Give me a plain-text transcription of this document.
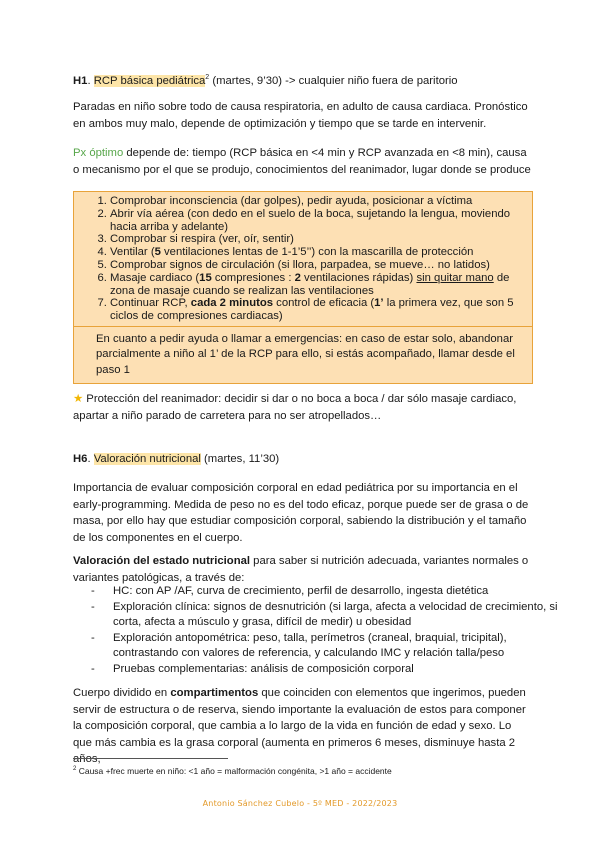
H1. RCP básica pediátrica$^2$ (martes, 9’30) -> cualquier niño fuera de paritorio

Paradas en niño sobre todo de causa respiratoria, en adulto de causa cardiaca. Pronóstico en ambos muy malo, depende de optimización y tiempo que se tarde en intervenir.

Px óptimo depende de: tiempo (RCP básica en <4 min y RCP avanzada en <8 min), causa o mecanismo por el que se produjo, conocimientos del reanimador, lugar donde se produce

1. Comprobar inconsciencia (dar golpes), pedir ayuda, posicionar a víctima
2. Abrir vía aérea (con dedo en el suelo de la boca, sujetando la lengua, moviendo hacia arriba y adelante)
3. Comprobar si respira (ver, oír, sentir)
4. Ventilar (5 ventilaciones lentas de 1-1’5’’) con la mascarilla de protección
5. Comprobar signos de circulación (si llora, parpadea, se mueve… no latidos)
6. Masaje cardiaco (15 compresiones : 2 ventilaciones rápidas) sin quitar mano de zona de masaje cuando se realizan las ventilaciones
7. Continuar RCP, cada 2 minutos control de eficacia (1’ la primera vez, que son 5 ciclos de compresiones cardiacas)
En cuanto a pedir ayuda o llamar a emergencias: en caso de estar solo, abandonar parcialmente a niño al 1’ de la RCP para ello, si estás acompañado, llamar desde el paso 1

★ Protección del reanimador: decidir si dar o no boca a boca / dar sólo masaje cardiaco, apartar a niño parado de carretera para no ser atropellados…

H6. Valoración nutricional (martes, 11’30)

Importancia de evaluar composición corporal en edad pediátrica por su importancia en el early-programming. Medida de peso no es del todo eficaz, porque puede ser de grasa o de masa, por ello hay que estudiar composición corporal, sabiendo la distribución y el tamaño de los componentes en el cuerpo.

Valoración del estado nutricional para saber si nutrición adecuada, variantes normales o variantes patológicas, a través de:

- HC: con AP /AF, curva de crecimiento, perfil de desarrollo, ingesta dietética
- Exploración clínica: signos de desnutrición (si larga, afecta a velocidad de crecimiento, si corta, afecta a músculo y grasa, difícil de medir) u obesidad
- Exploración antopométrica: peso, talla, perímetros (craneal, braquial, tricipital), contrastando con valores de referencia, y calculando IMC y relación talla/peso
- Pruebas complementarias: análisis de composición corporal

Cuerpo dividido en compartimentos que coinciden con elementos que ingerimos, pueden servir de estructura o de reserva, siendo importante la evaluación de estos para componer la composición corporal, que cambia a lo largo de la vida en función de edad y sexo. Lo que más cambia es la grasa corporal (aumenta en primeros 6 meses, disminuye hasta 2 años,

$^2$ Causa +frec muerte en niño: <1 año = malformación congénita, >1 año = accidente

Antonio Sánchez Cubelo - 5º MED - 2022/2023
